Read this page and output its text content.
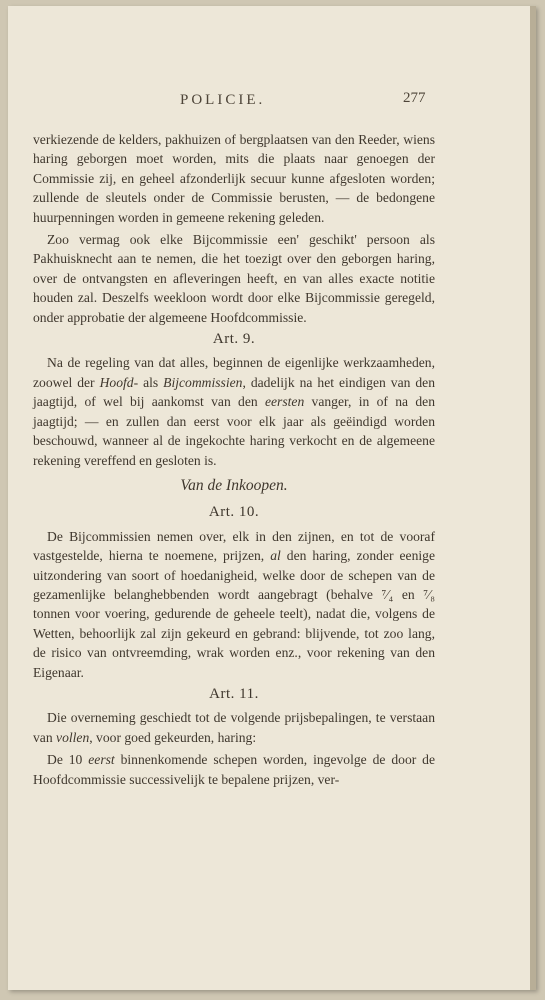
POLICIE.	277

verkiezende de kelders, pakhuizen of bergplaatsen van den Reeder, wiens haring geborgen moet worden, mits die plaats naar genoegen der Commissie zij, en geheel afzonderlijk secuur kunne afgesloten worden; zullende de sleutels onder de Commissie berusten, — de bedongene huurpenningen worden in gemeene rekening geleden.

Zoo vermag ook elke Bijcommissie een' geschikt' persoon als Pakhuisknecht aan te nemen, die het toezigt over den geborgen haring, over de ontvangsten en afleveringen heeft, en van alles exacte notitie houden zal. Deszelfs weekloon wordt door elke Bijcommissie geregeld, onder approbatie der algemeene Hoofdcommissie.

Art. 9.

Na de regeling van dat alles, beginnen de eigenlijke werkzaamheden, zoowel der Hoofd- als Bijcommissien, dadelijk na het eindigen van den jaagtijd, of wel bij aankomst van den eersten vanger, in of na den jaagtijd; — en zullen dan eerst voor elk jaar als geëindigd worden beschouwd, wanneer al de ingekochte haring verkocht en de algemeene rekening vereffend en gesloten is.

Van de Inkoopen.
Art. 10.

De Bijcommissien nemen over, elk in den zijnen, en tot de vooraf vastgestelde, hierna te noemene, prijzen, al den haring, zonder eenige uitzondering van soort of hoedanigheid, welke door de schepen van de gezamenlijke belanghebbenden wordt aangebragt (behalve ⁷⁄₄ en ⁷⁄₈ tonnen voor voering, gedurende de geheele teelt), nadat die, volgens de Wetten, behoorlijk zal zijn gekeurd en gebrand: blijvende, tot zoo lang, de risico van ontvreemding, wrak worden enz., voor rekening van den Eigenaar.

Art. 11.

Die overneming geschiedt tot de volgende prijsbepalingen, te verstaan van vollen, voor goed gekeurden, haring:

De 10 eerst binnenkomende schepen worden, ingevolge de door de Hoofdcommissie successivelijk te bepalene prijzen, ver-
